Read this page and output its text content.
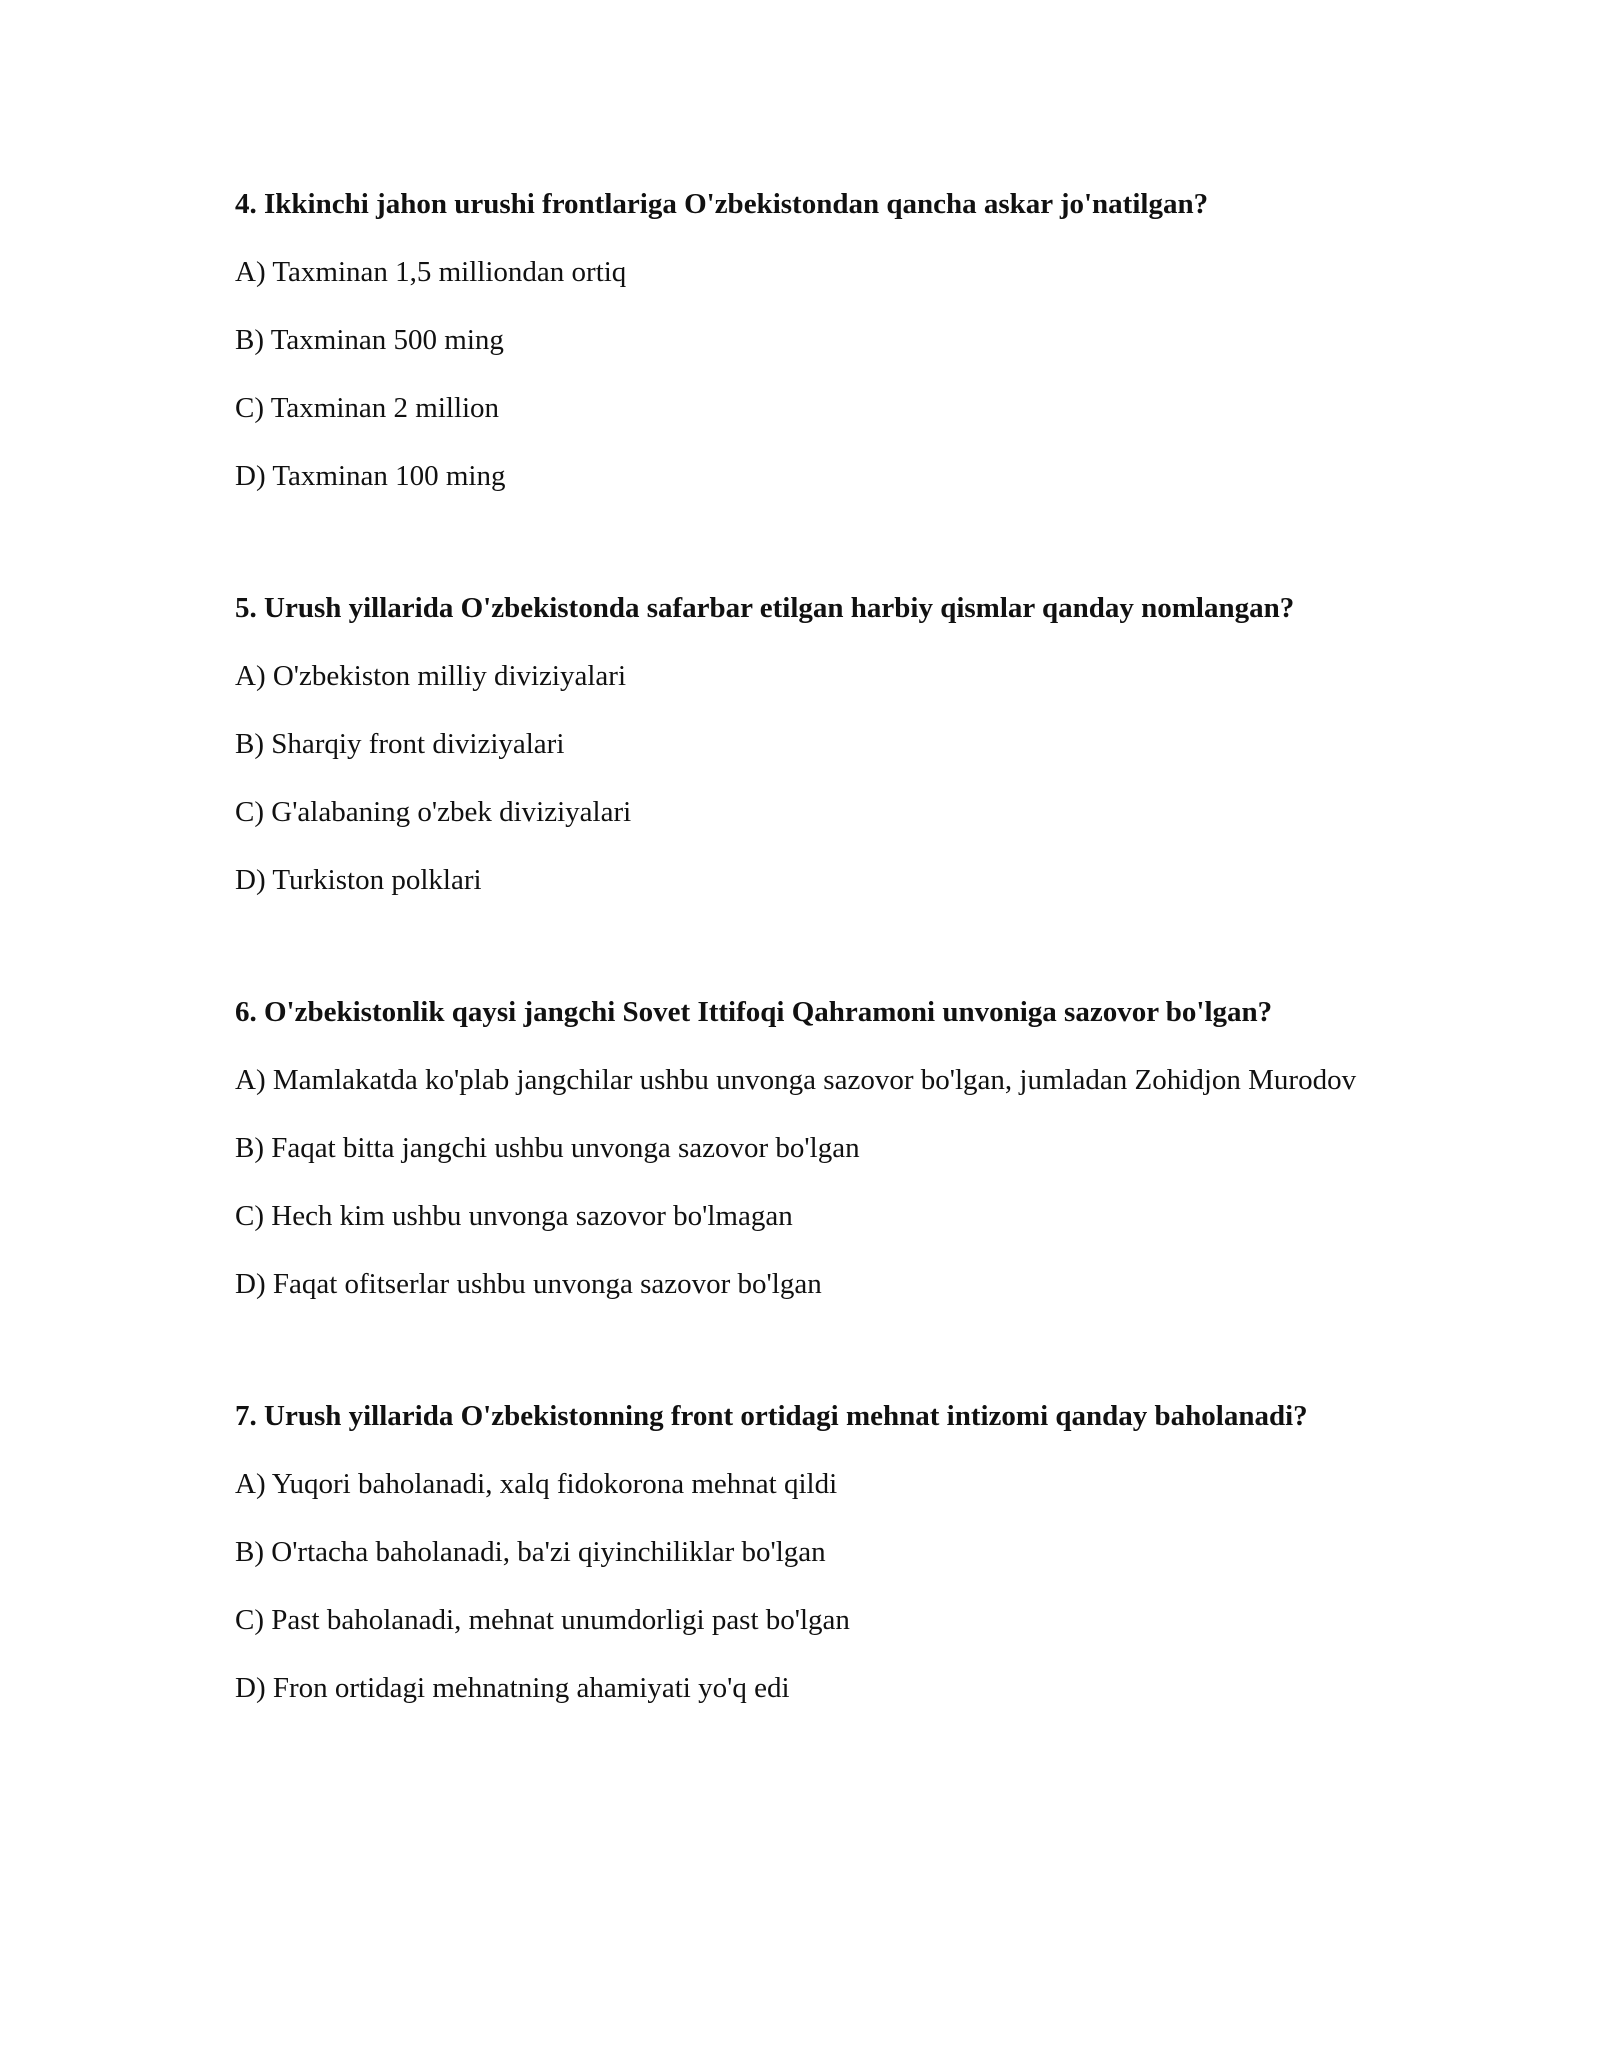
4. Ikkinchi jahon urushi frontlariga O'zbekistondan qancha askar jo'natilgan?

A) Taxminan 1,5 milliondan ortiq
B) Taxminan 500 ming
C) Taxminan 2 million
D) Taxminan 100 ming

5. Urush yillarida O'zbekistonda safarbar etilgan harbiy qismlar qanday nomlangan?

A) O'zbekiston milliy diviziyalari
B) Sharqiy front diviziyalari
C) G'alabaning o'zbek diviziyalari
D) Turkiston polklari

6. O'zbekistonlik qaysi jangchi Sovet Ittifoqi Qahramoni unvoniga sazovor bo'lgan?

A) Mamlakatda ko'plab jangchilar ushbu unvonga sazovor bo'lgan, jumladan Zohidjon Murodov
B) Faqat bitta jangchi ushbu unvonga sazovor bo'lgan
C) Hech kim ushbu unvonga sazovor bo'lmagan
D) Faqat ofitserlar ushbu unvonga sazovor bo'lgan

7. Urush yillarida O'zbekistonning front ortidagi mehnat intizomi qanday baholanadi?

A) Yuqori baholanadi, xalq fidokorona mehnat qildi
B) O'rtacha baholanadi, ba'zi qiyinchiliklar bo'lgan
C) Past baholanadi, mehnat unumdorligi past bo'lgan
D) Fron ortidagi mehnatning ahamiyati yo'q edi
